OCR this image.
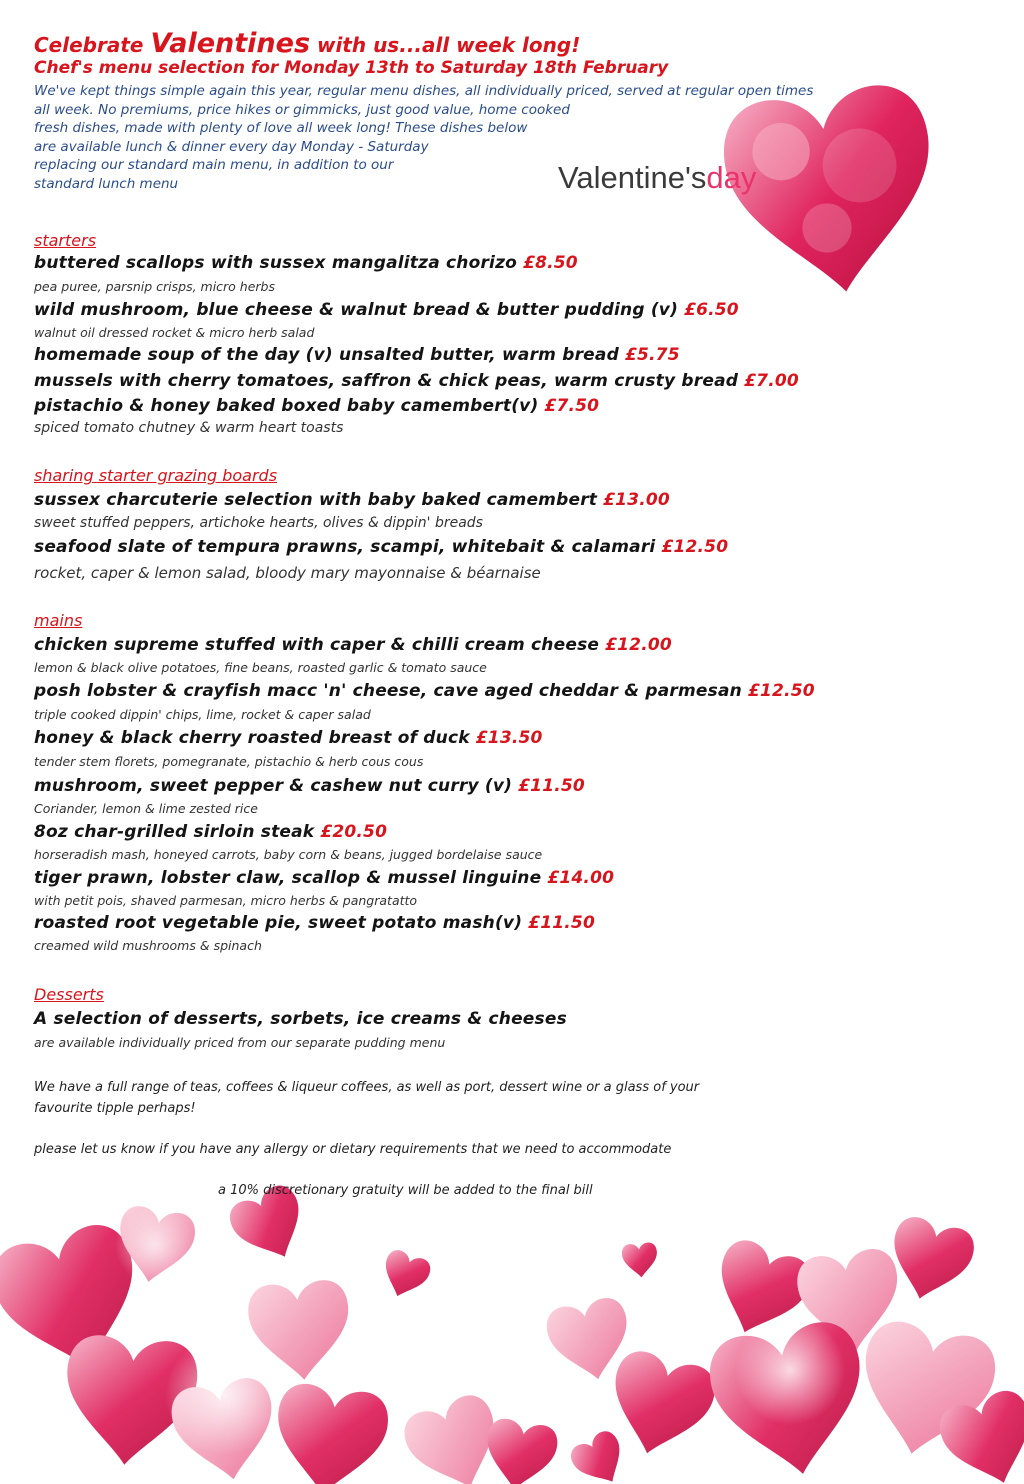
Valentine'sday
Celebrate Valentines with us...all week long!
Chef's menu selection for Monday 13th to Saturday 18th February
We've kept things simple again this year, regular menu dishes, all individually priced, served at regular open times
all week. No premiums, price hikes or gimmicks, just good value, home cooked
fresh dishes, made with plenty of love all week long! These dishes below
are available lunch & dinner every day Monday - Saturday
replacing our standard main menu, in addition to our
standard lunch menu
starters
buttered scallops with sussex mangalitza chorizo £8.50
pea puree, parsnip crisps, micro herbs
wild mushroom, blue cheese & walnut bread & butter pudding (v) £6.50
walnut oil dressed rocket & micro herb salad
homemade soup of the day (v) unsalted butter, warm bread £5.75
mussels with cherry tomatoes, saffron & chick peas, warm crusty bread £7.00
pistachio & honey baked boxed baby camembert(v) £7.50
spiced tomato chutney & warm heart toasts
sharing starter grazing boards
sussex charcuterie selection with baby baked camembert £13.00
sweet stuffed peppers, artichoke hearts, olives & dippin' breads
seafood slate of tempura prawns, scampi, whitebait & calamari £12.50
rocket, caper & lemon salad, bloody mary mayonnaise & béarnaise
mains
chicken supreme stuffed with caper & chilli cream cheese £12.00
lemon & black olive potatoes, fine beans, roasted garlic & tomato sauce
posh lobster & crayfish macc 'n' cheese, cave aged cheddar & parmesan £12.50
triple cooked dippin' chips, lime, rocket & caper salad
honey & black cherry roasted breast of duck £13.50
tender stem florets, pomegranate, pistachio & herb cous cous
mushroom, sweet pepper & cashew nut curry (v) £11.50
Coriander, lemon & lime zested rice
8oz char-grilled sirloin steak £20.50
horseradish mash, honeyed carrots, baby corn & beans, jugged bordelaise sauce
tiger prawn, lobster claw, scallop & mussel linguine £14.00
with petit pois, shaved parmesan, micro herbs & pangratatto
roasted root vegetable pie, sweet potato mash(v) £11.50
creamed wild mushrooms & spinach
Desserts
A selection of desserts, sorbets, ice creams & cheeses
are available individually priced from our separate pudding menu
We have a full range of teas, coffees & liqueur coffees, as well as port, dessert wine or a glass of your
favourite tipple perhaps!
please let us know if you have any allergy or dietary requirements that we need to accommodate
a 10% discretionary gratuity will be added to the final bill
